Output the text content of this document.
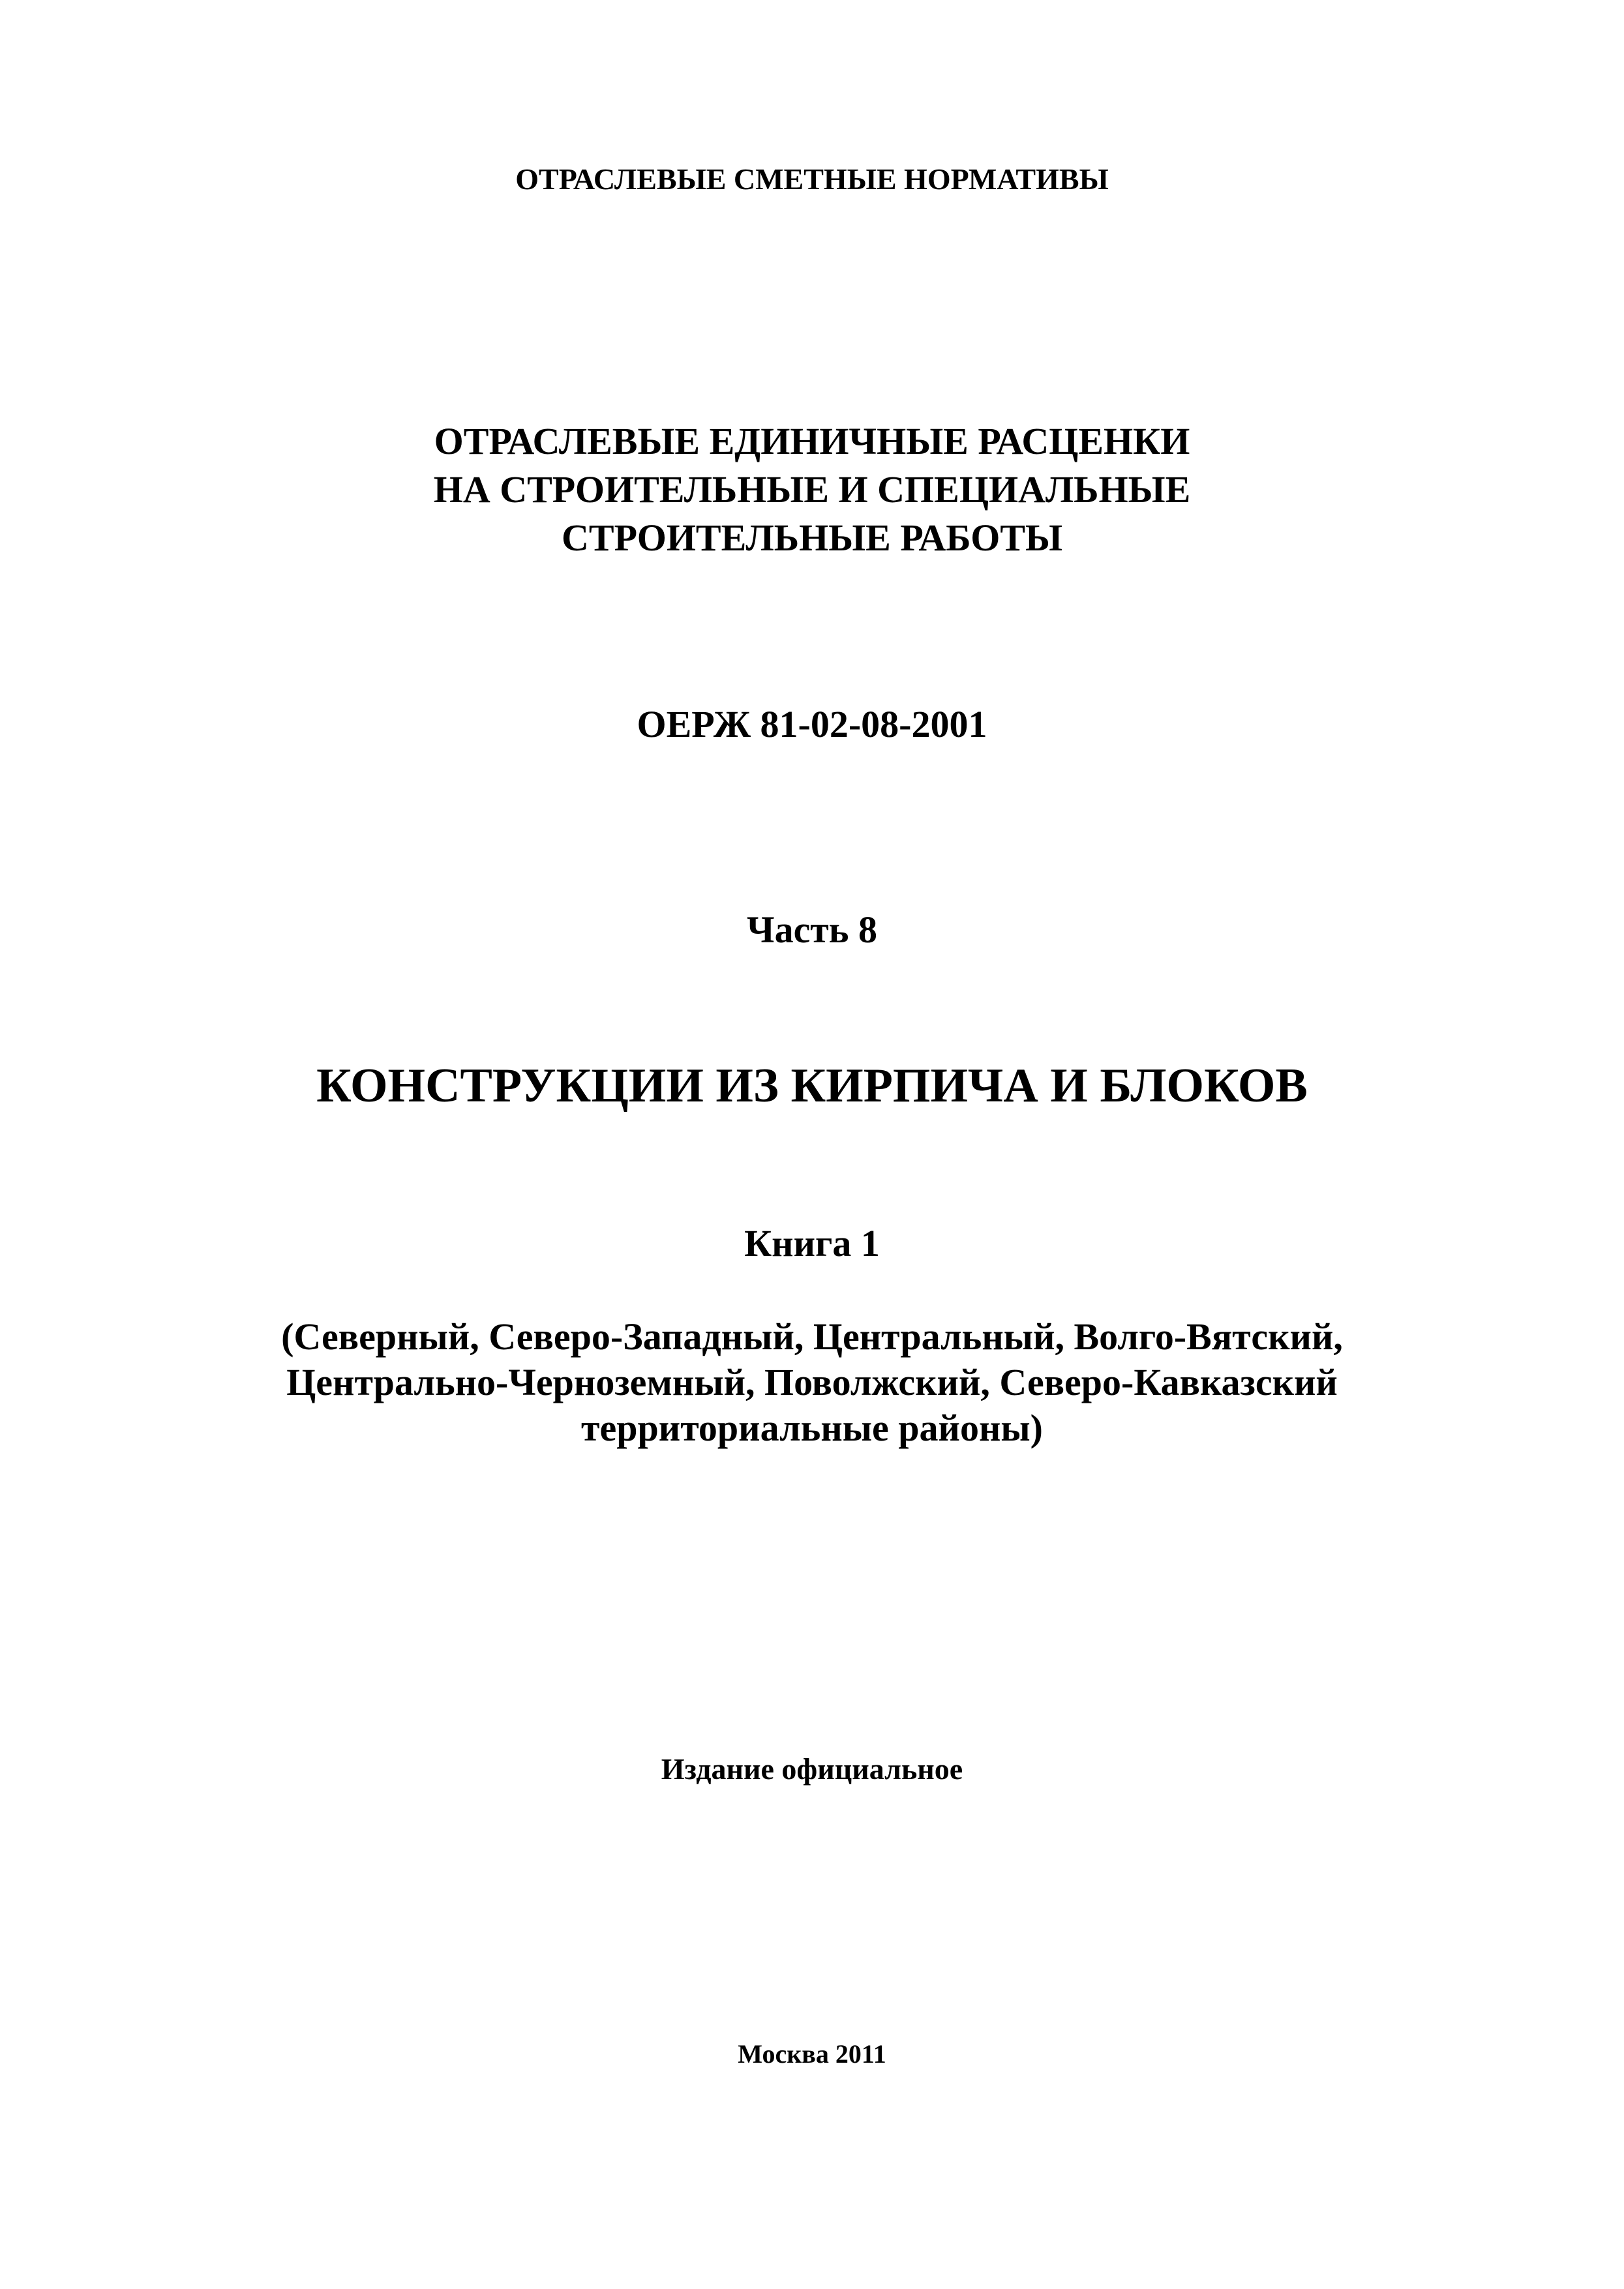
ОТРАСЛЕВЫЕ СМЕТНЫЕ НОРМАТИВЫ
ОТРАСЛЕВЫЕ ЕДИНИЧНЫЕ РАСЦЕНКИ
НА СТРОИТЕЛЬНЫЕ И СПЕЦИАЛЬНЫЕ
СТРОИТЕЛЬНЫЕ РАБОТЫ
ОЕРЖ 81-02-08-2001
Часть 8
КОНСТРУКЦИИ ИЗ КИРПИЧА И БЛОКОВ
Книга 1
(Северный, Северо-Западный, Центральный, Волго-Вятский,
Центрально-Черноземный, Поволжский, Северо-Кавказский
территориальные районы)
Издание официальное
Москва 2011
